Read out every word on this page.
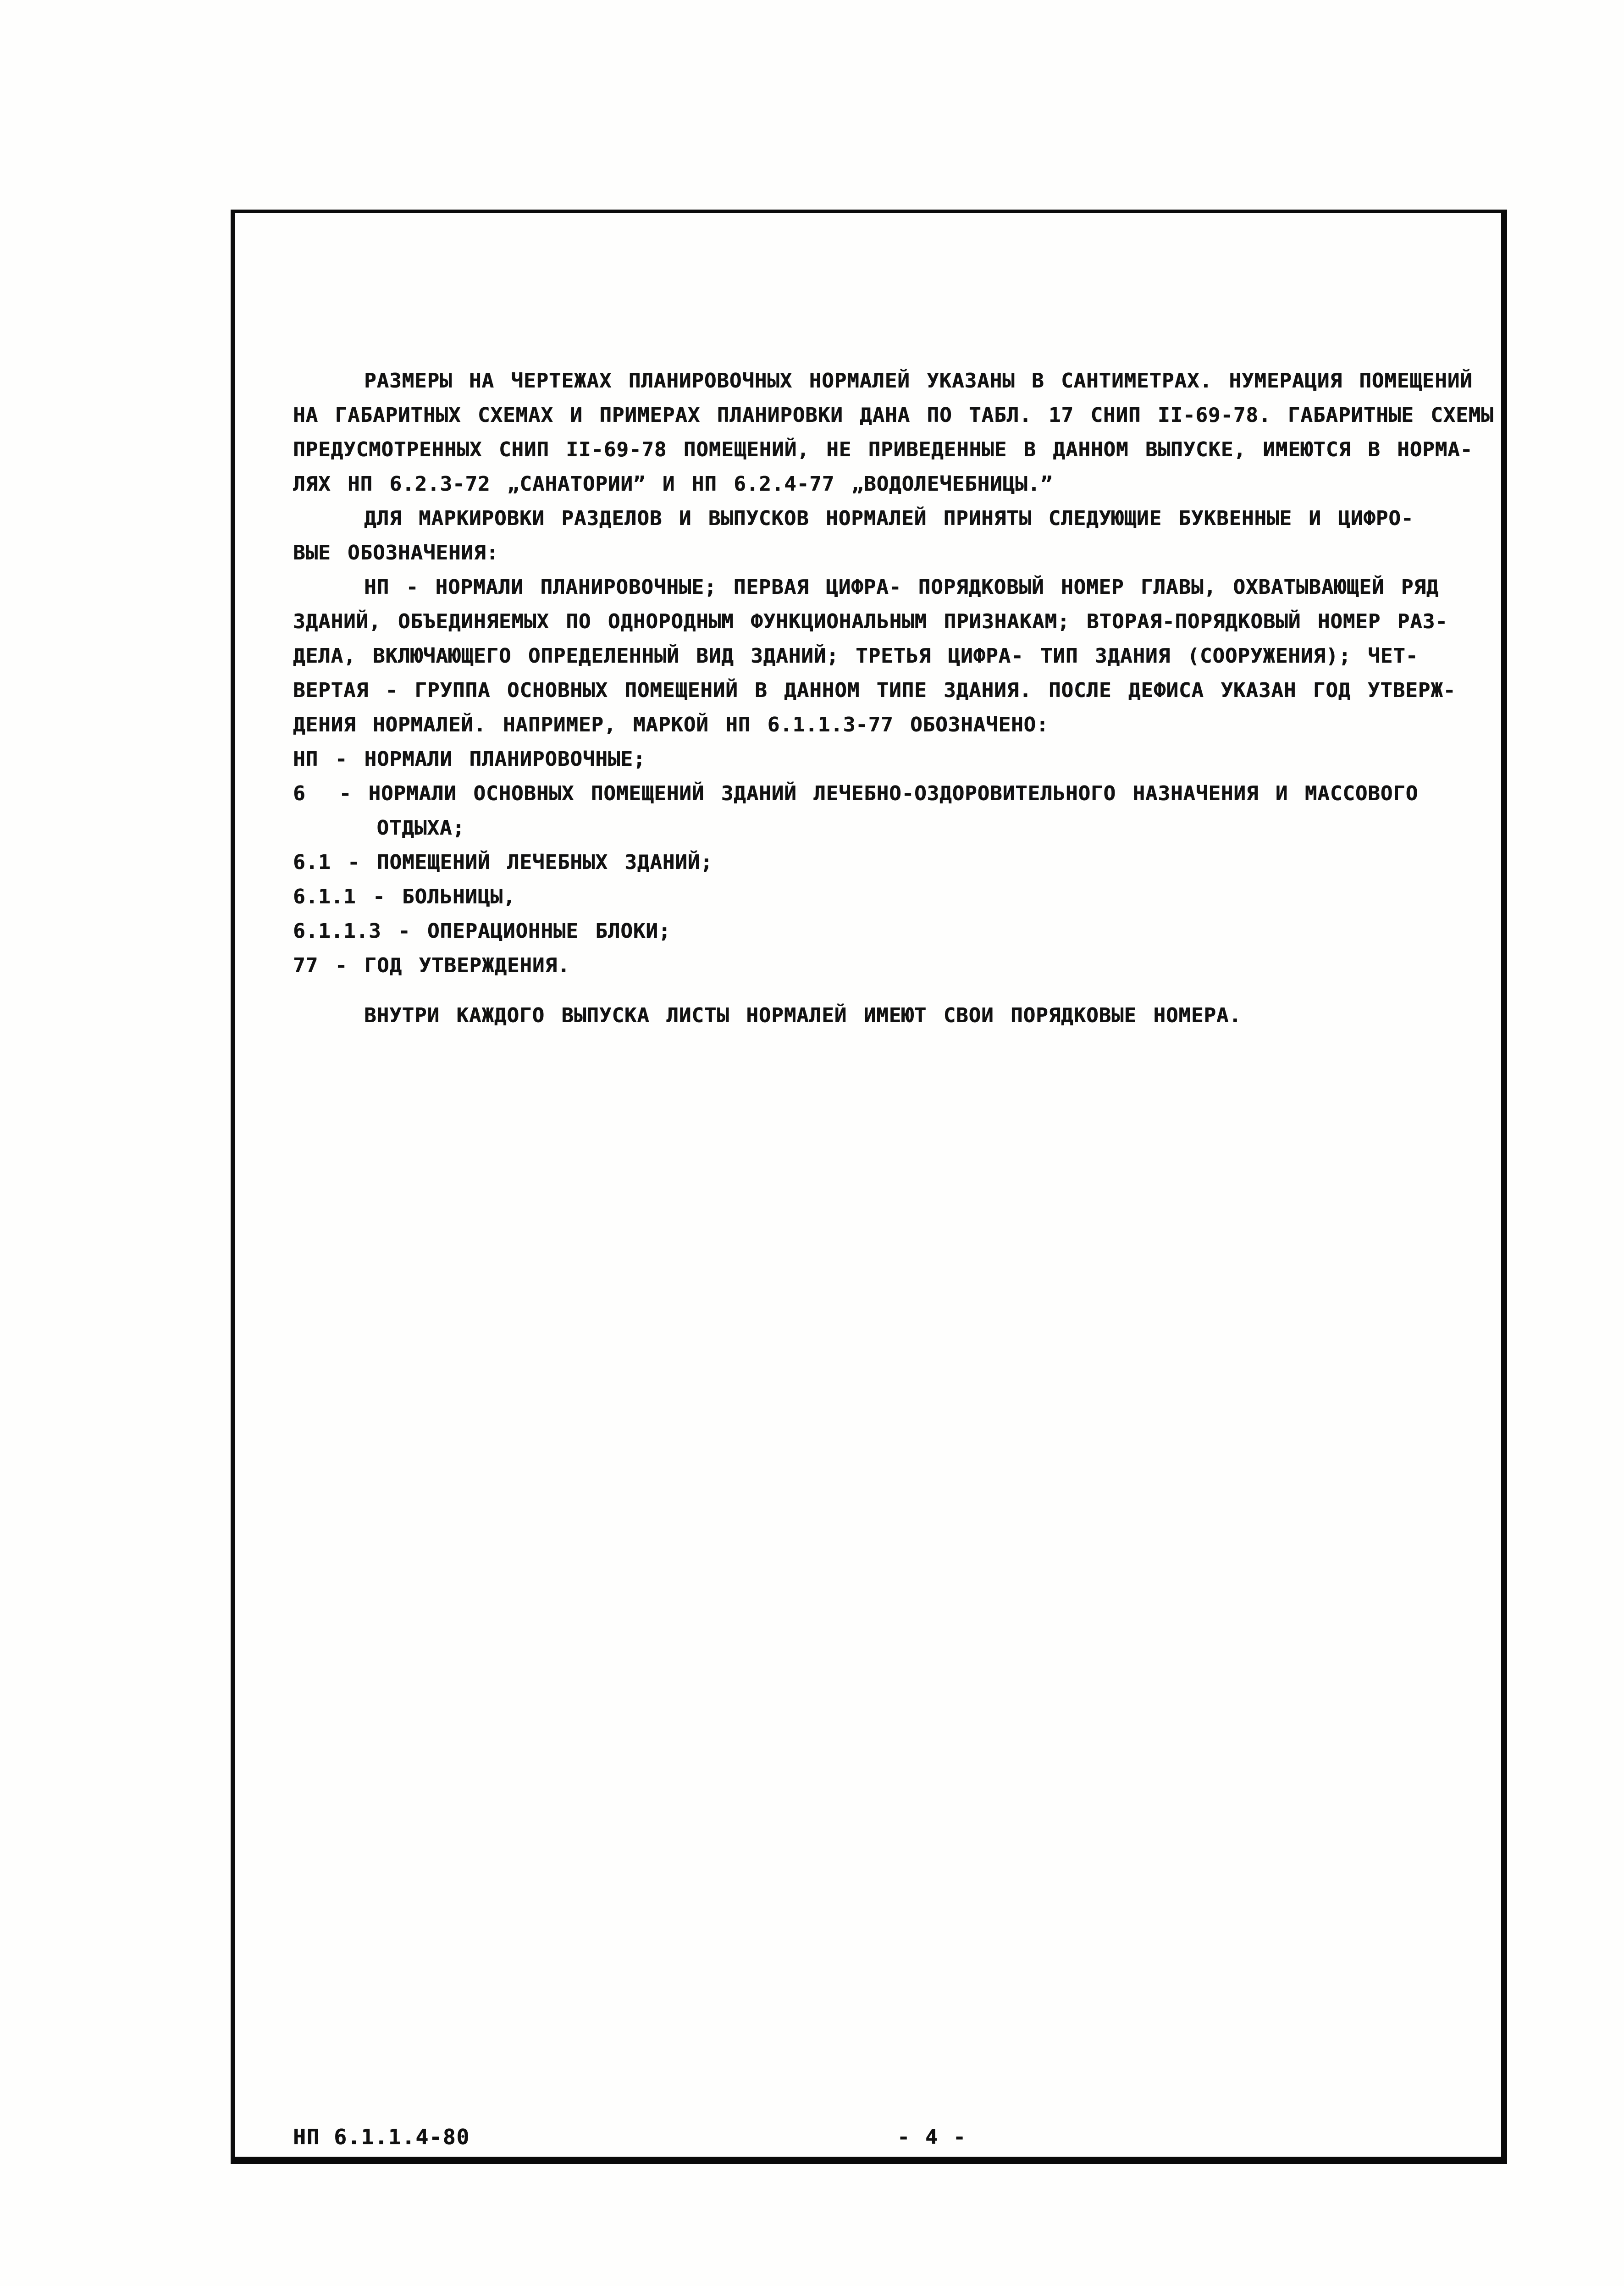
РАЗМЕРЫ НА ЧЕРТЕЖАХ ПЛАНИРОВОЧНЫХ НОРМАЛЕЙ УКАЗАНЫ В САНТИМЕТРАХ. НУМЕРАЦИЯ ПОМЕЩЕНИЙ
НА ГАБАРИТНЫХ СХЕМАХ И ПРИМЕРАХ ПЛАНИРОВКИ ДАНА ПО ТАБЛ. 17 СНИП II-69-78. ГАБАРИТНЫЕ СХЕМЫ
ПРЕДУСМОТРЕННЫХ СНИП II-69-78 ПОМЕЩЕНИЙ, НЕ ПРИВЕДЕННЫЕ В ДАННОМ ВЫПУСКЕ, ИМЕЮТСЯ В НОРМА-
ЛЯХ НП 6.2.3-72 „САНАТОРИИ” И НП 6.2.4-77 „ВОДОЛЕЧЕБНИЦЫ.”
ДЛЯ МАРКИРОВКИ РАЗДЕЛОВ И ВЫПУСКОВ НОРМАЛЕЙ ПРИНЯТЫ СЛЕДУЮЩИЕ БУКВЕННЫЕ И ЦИФРО-
ВЫЕ ОБОЗНАЧЕНИЯ:
НП - НОРМАЛИ ПЛАНИРОВОЧНЫЕ; ПЕРВАЯ ЦИФРА- ПОРЯДКОВЫЙ НОМЕР ГЛАВЫ, ОХВАТЫВАЮЩЕЙ РЯД
ЗДАНИЙ, ОБЪЕДИНЯЕМЫХ ПО ОДНОРОДНЫМ ФУНКЦИОНАЛЬНЫМ ПРИЗНАКАМ; ВТОРАЯ-ПОРЯДКОВЫЙ НОМЕР РАЗ-
ДЕЛА, ВКЛЮЧАЮЩЕГО ОПРЕДЕЛЕННЫЙ ВИД ЗДАНИЙ; ТРЕТЬЯ ЦИФРА- ТИП ЗДАНИЯ (СООРУЖЕНИЯ); ЧЕТ-
ВЕРТАЯ - ГРУППА ОСНОВНЫХ ПОМЕЩЕНИЙ В ДАННОМ ТИПЕ ЗДАНИЯ. ПОСЛЕ ДЕФИСА УКАЗАН ГОД УТВЕРЖ-
ДЕНИЯ НОРМАЛЕЙ. НАПРИМЕР, МАРКОЙ НП 6.1.1.3-77 ОБОЗНАЧЕНО:
НП - НОРМАЛИ ПЛАНИРОВОЧНЫЕ;
6  - НОРМАЛИ ОСНОВНЫХ ПОМЕЩЕНИЙ ЗДАНИЙ ЛЕЧЕБНО-ОЗДОРОВИТЕЛЬНОГО НАЗНАЧЕНИЯ И МАССОВОГО
ОТДЫХА;
6.1 - ПОМЕЩЕНИЙ ЛЕЧЕБНЫХ ЗДАНИЙ;
6.1.1 - БОЛЬНИЦЫ,
6.1.1.3 - ОПЕРАЦИОННЫЕ БЛОКИ;
77 - ГОД УТВЕРЖДЕНИЯ.
ВНУТРИ КАЖДОГО ВЫПУСКА ЛИСТЫ НОРМАЛЕЙ ИМЕЮТ СВОИ ПОРЯДКОВЫЕ НОМЕРА.
НП 6.1.1.4-80	- 4 -
